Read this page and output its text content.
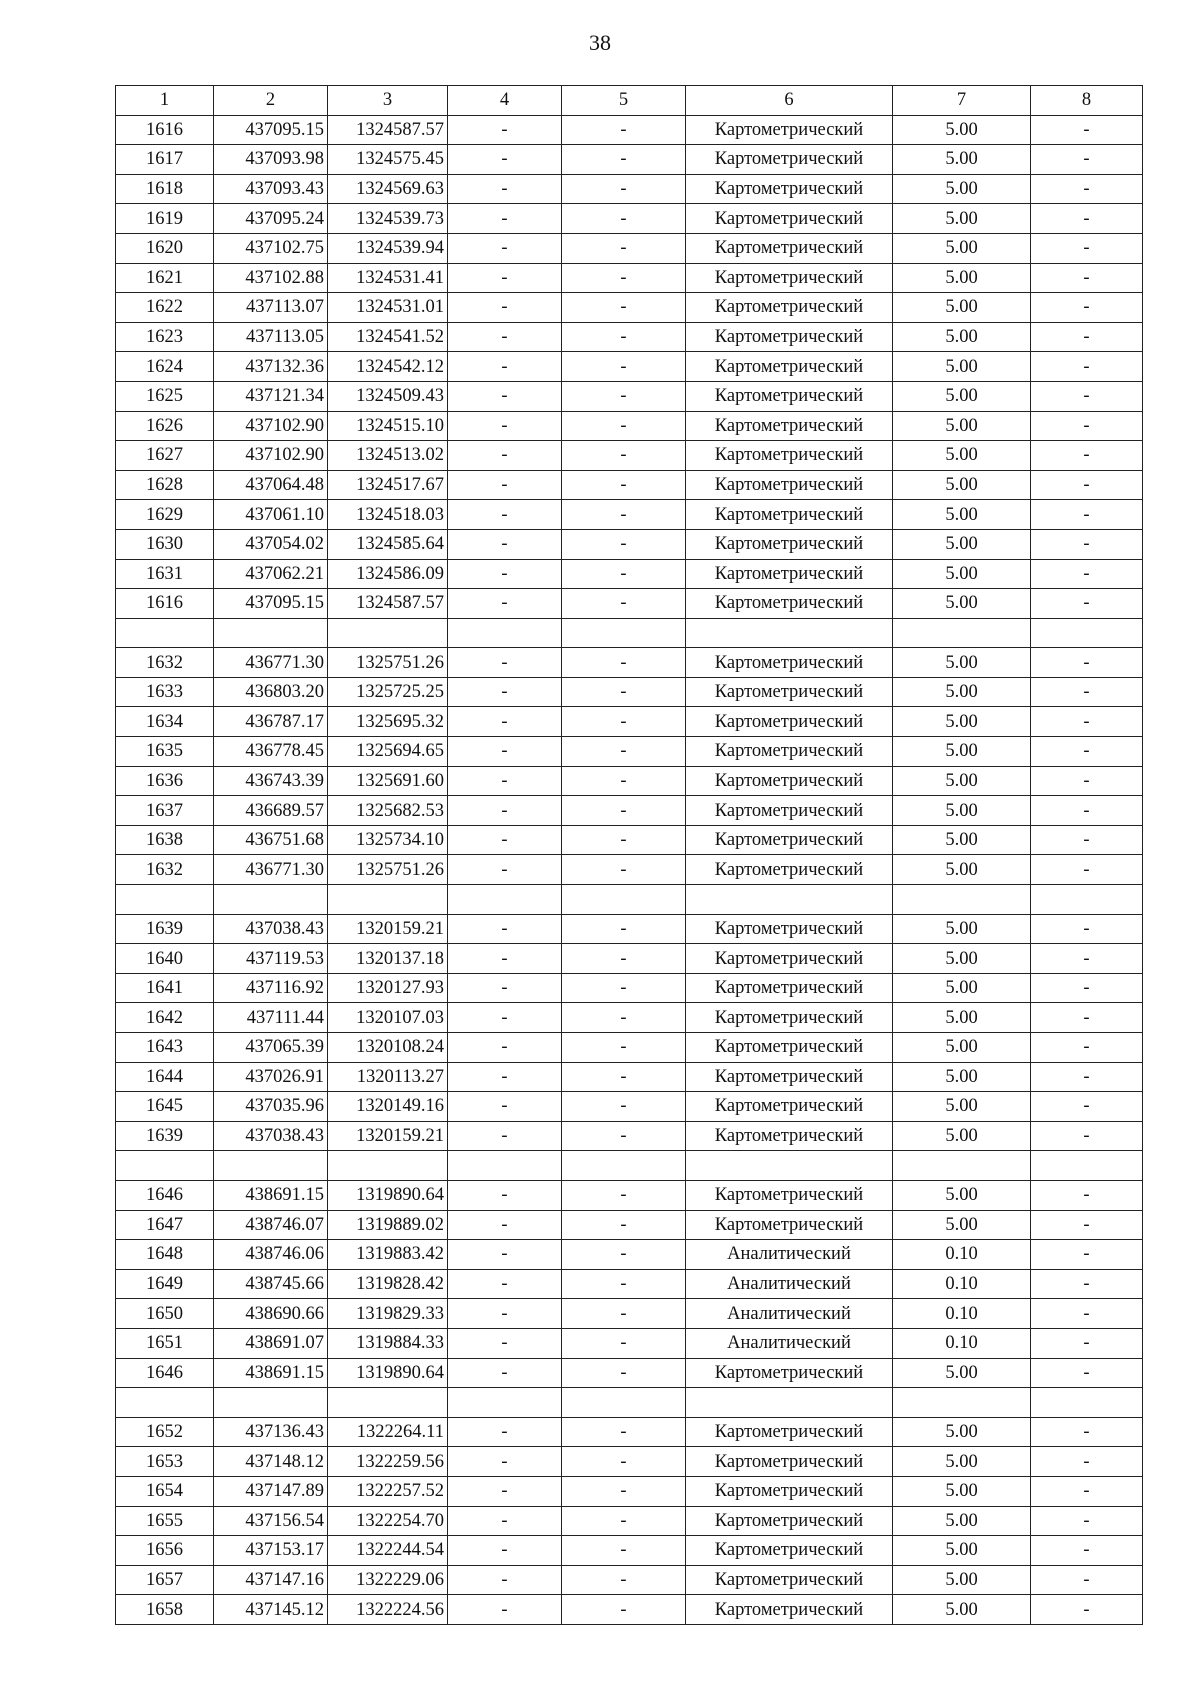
38
1	2	3	4	5	6	7	8
1616	437095.15	1324587.57	-	-	Картометрический	5.00	-
1617	437093.98	1324575.45	-	-	Картометрический	5.00	-
1618	437093.43	1324569.63	-	-	Картометрический	5.00	-
1619	437095.24	1324539.73	-	-	Картометрический	5.00	-
1620	437102.75	1324539.94	-	-	Картометрический	5.00	-
1621	437102.88	1324531.41	-	-	Картометрический	5.00	-
1622	437113.07	1324531.01	-	-	Картометрический	5.00	-
1623	437113.05	1324541.52	-	-	Картометрический	5.00	-
1624	437132.36	1324542.12	-	-	Картометрический	5.00	-
1625	437121.34	1324509.43	-	-	Картометрический	5.00	-
1626	437102.90	1324515.10	-	-	Картометрический	5.00	-
1627	437102.90	1324513.02	-	-	Картометрический	5.00	-
1628	437064.48	1324517.67	-	-	Картометрический	5.00	-
1629	437061.10	1324518.03	-	-	Картометрический	5.00	-
1630	437054.02	1324585.64	-	-	Картометрический	5.00	-
1631	437062.21	1324586.09	-	-	Картометрический	5.00	-
1616	437095.15	1324587.57	-	-	Картометрический	5.00	-

1632	436771.30	1325751.26	-	-	Картометрический	5.00	-
1633	436803.20	1325725.25	-	-	Картометрический	5.00	-
1634	436787.17	1325695.32	-	-	Картометрический	5.00	-
1635	436778.45	1325694.65	-	-	Картометрический	5.00	-
1636	436743.39	1325691.60	-	-	Картометрический	5.00	-
1637	436689.57	1325682.53	-	-	Картометрический	5.00	-
1638	436751.68	1325734.10	-	-	Картометрический	5.00	-
1632	436771.30	1325751.26	-	-	Картометрический	5.00	-

1639	437038.43	1320159.21	-	-	Картометрический	5.00	-
1640	437119.53	1320137.18	-	-	Картометрический	5.00	-
1641	437116.92	1320127.93	-	-	Картометрический	5.00	-
1642	437111.44	1320107.03	-	-	Картометрический	5.00	-
1643	437065.39	1320108.24	-	-	Картометрический	5.00	-
1644	437026.91	1320113.27	-	-	Картометрический	5.00	-
1645	437035.96	1320149.16	-	-	Картометрический	5.00	-
1639	437038.43	1320159.21	-	-	Картометрический	5.00	-

1646	438691.15	1319890.64	-	-	Картометрический	5.00	-
1647	438746.07	1319889.02	-	-	Картометрический	5.00	-
1648	438746.06	1319883.42	-	-	Аналитический	0.10	-
1649	438745.66	1319828.42	-	-	Аналитический	0.10	-
1650	438690.66	1319829.33	-	-	Аналитический	0.10	-
1651	438691.07	1319884.33	-	-	Аналитический	0.10	-
1646	438691.15	1319890.64	-	-	Картометрический	5.00	-

1652	437136.43	1322264.11	-	-	Картометрический	5.00	-
1653	437148.12	1322259.56	-	-	Картометрический	5.00	-
1654	437147.89	1322257.52	-	-	Картометрический	5.00	-
1655	437156.54	1322254.70	-	-	Картометрический	5.00	-
1656	437153.17	1322244.54	-	-	Картометрический	5.00	-
1657	437147.16	1322229.06	-	-	Картометрический	5.00	-
1658	437145.12	1322224.56	-	-	Картометрический	5.00	-
